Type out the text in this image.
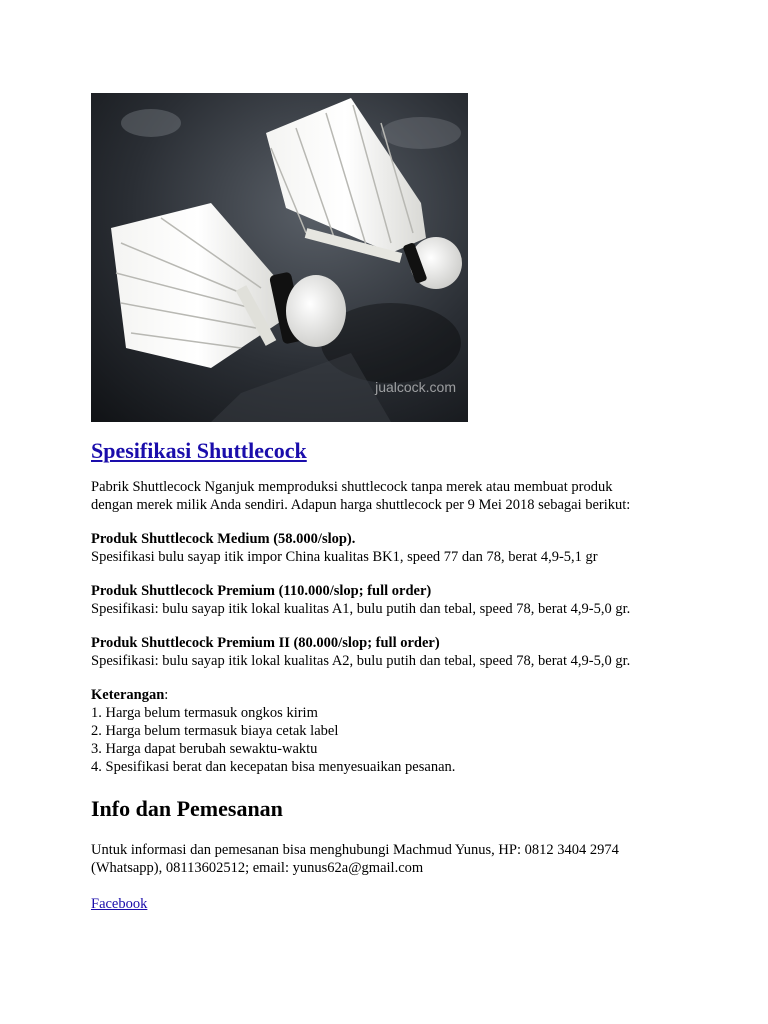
jualcock.com
Spesifikasi Shuttlecock

Pabrik Shuttlecock Nganjuk memproduksi shuttlecock tanpa merek atau membuat produk
dengan merek milik Anda sendiri. Adapun harga shuttlecock per 9 Mei 2018 sebagai berikut:

Produk Shuttlecock Medium (58.000/slop).
Spesifikasi bulu sayap itik impor China kualitas BK1, speed 77 dan 78, berat 4,9-5,1 gr

Produk Shuttlecock Premium (110.000/slop; full order)
Spesifikasi: bulu sayap itik lokal kualitas A1, bulu putih dan tebal, speed 78, berat 4,9-5,0 gr.

Produk Shuttlecock Premium II (80.000/slop; full order)
Spesifikasi: bulu sayap itik lokal kualitas A2, bulu putih dan tebal, speed 78, berat 4,9-5,0 gr.

Keterangan:

1. Harga belum termasuk ongkos kirim
2. Harga belum termasuk biaya cetak label
3. Harga dapat berubah sewaktu-waktu
4. Spesifikasi berat dan kecepatan bisa menyesuaikan pesanan.
Info dan Pemesanan

Untuk informasi dan pemesanan bisa menghubungi Machmud Yunus, HP: 0812 3404 2974
(Whatsapp), 08113602512; email: yunus62a@gmail.com

Facebook
